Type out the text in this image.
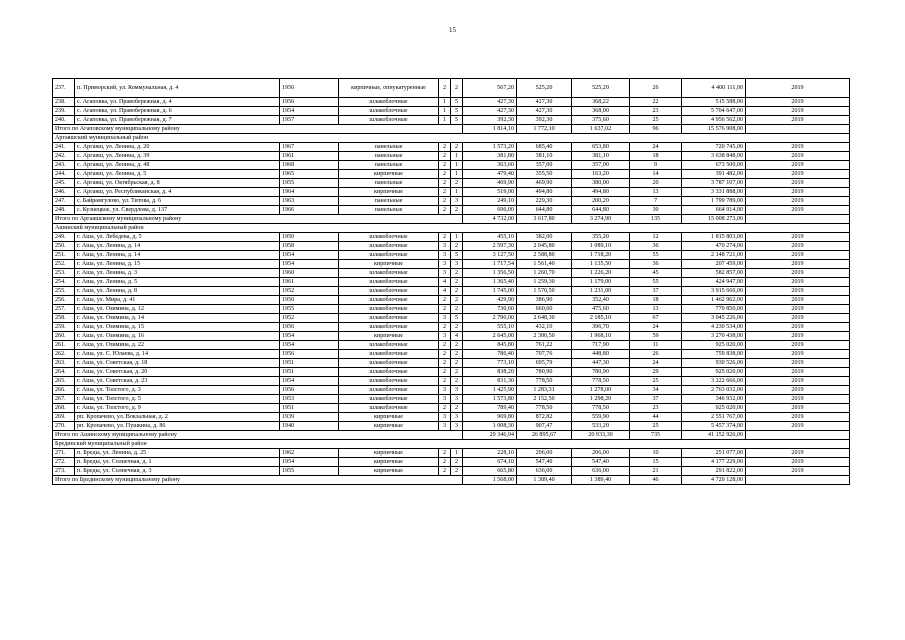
15
237.	п. Приморский, ул. Коммунальная, д. 4	1956	кирпичные, опнукатуренные	2	2	567,20	525,20	525,20	26	4 400 111,00	2019
238.	с. Агаповка, ул. Правобережная, д. 4	1956	шлакоблочные	1	5	427,30	427,30	368,22	22	515 588,00	2019
239.	с. Агаповка, ул. Правобережная, д. 6	1954	шлакоблочные	1	5	427,30	427,30	368,00	23	5 704 647,00	2019
240.	с. Агаповка, ул. Правобережная, д. 7	1957	шлакоблочные	1	5	392,30	392,30	375,60	25	4 956 562,00	2019
Итого по Агаповскому муниципальному району						1 814,10	1 772,10	1 637,02	96	15 576 908,00	
Аргаяшский муниципальный район											
241.	с. Аргаяш, ул. Ленина, д. 20	1967	панельные	2	2	1 573,20	685,40	653,80	24	720 745,00	2019
242.	с. Аргаяш, ул. Ленина, д. 39	1961	панельные	2	1	381,80	381,10	381,10	18	3 638 848,00	2019
243.	с. Аргаяш, ул. Ленина, д. 48	1968	панельные	2	1	363,60	357,00	357,00	9	673 500,00	2019
244.	с. Аргаяш, ул. Ленина, д. 5	1965	кирпичные	2	1	479,40	355,50	163,20	14	391 482,00	2019
245.	с. Аргаяш, ул. Октябрьская, д. 8	1955	панельные	2	2	469,90	469,90	380,00	20	3 787 107,00	2019
246.	с. Аргаяш, ул. Республиканская, д. 4	1964	кирпичные	2	1	519,00	494,80	494,80	13	3 331 888,00	2019
247.	с. Байрамгулово, ул. Титова, д. 6	1963	панельные	2	3	249,10	229,30	200,20	7	1 799 789,00	2019
248.	с. Кузнецкое, ул. Свердлова, д. 137	1966	панельные	2	2	696,00	644,80	644,80	30	664 914,00	2019
Итого по Аргаяшскому муниципальному району						4 732,00	3 617,80	3 274,90	135	15 008 273,00	
Ашинский муниципальный район											
249.	г. Аша, ул. Лебедева, д. 5	1950	шлакоблочные	2	1	455,10	382,00	355,20	12	1 815 803,00	2019
250.	г. Аша, ул. Ленина, д. 14	1958	шлакоблочные	3	2	2 597,30	2 045,80	1 089,10	36	470 274,00	2019
251.	г. Аша, ул. Ленина, д. 14	1954	шлакоблочные	3	5	3 127,50	2 588,80	1 718,20	55	2 148 721,00	2019
252.	г. Аша, ул. Ленина, д. 15	1954	кирпичные	3	3	1 717,54	1 561,40	1 135,50	36	207 459,00	2019
253.	г. Аша, ул. Ленина, д. 3	1960	шлакоблочные	3	2	1 356,50	1 260,70	1 226,20	45	582 857,00	2019
254.	г. Аша, ул. Ленина, д. 5	1961	шлакоблочные	4	2	1 365,40	1 259,30	1 179,00	55	424 947,00	2019
255.	г. Аша, ул. Ленина, д. 8	1952	шлакоблочные	4	2	1 745,00	1 570,50	1 231,00	37	3 915 660,00	2019
256.	г. Аша, ул. Мира, д. 41	1950	шлакоблочные	2	2	429,90	386,90	352,40	18	1 462 962,00	2019
257.	г. Аша, ул. Озимина, д. 12	1955	шлакоблочные	2	2	730,60	660,60	475,60	13	770 850,00	2019
258.	г. Аша, ул. Озимина, д. 14	1952	шлакоблочные	3	5	2 790,00	2 648,30	2 185,10	67	3 045 226,00	2019
259.	г. Аша, ул. Озимина, д. 15	1956	шлакоблочные	2	2	555,10	432,10	396,70	24	4 230 534,00	2019
260.	г. Аша, ул. Озимина, д. 16	1954	кирпичные	3	4	2 645,00	2 380,50	1 968,10	59	3 270 438,00	2019
261.	г. Аша, ул. Озимина, д. 22	1954	шлакоблочные	2	2	845,80	761,22	717,90	11	925 020,00	2019
262.	г. Аша, ул. С. Юлаева, д. 14	1956	шлакоблочные	2	2	786,40	707,76	448,80	26	759 838,00	2019
263.	г. Аша, ул. Советская, д. 18	1951	шлакоблочные	2	2	773,10	695,79	447,30	24	930 526,00	2019
264.	г. Аша, ул. Советская, д. 20	1951	шлакоблочные	2	2	838,20	780,90	780,90	29	925 020,00	2019
265.	г. Аша, ул. Советская, д. 23	1954	шлакоблочные	2	2	831,30	778,50	778,50	25	3 222 666,00	2019
266.	г. Аша, ул. Толстого, д. 3	1956	шлакоблочные	3	3	1 425,90	1 283,31	1 278,00	34	2 763 032,00	2019
267.	г. Аша, ул. Толстого, д. 5	1953	шлакоблочные	3	3	1 573,80	2 152,50	1 298,20	37	346 932,00	2019
268.	г. Аша, ул. Толстого, д. 9	1951	шлакоблочные	2	2	789,40	778,50	778,50	23	925 020,00	2019
269.	рп. Кропачево, ул. Вокзальная, д. 2	1939	кирпичные	3	3	969,80	872,82	559,90	44	2 551 767,00	2019
270.	рп. Кропачево, ул. Пушкина, д. 86	1940	кирпичные	3	3	1 008,30	907,47	533,20	25	5 457 374,00	2019
Итого по Ашинскому муниципальному району						29 346,94	26 895,67	20 933,30	735	41 152 926,00	
Брединский муниципальный район											
271.	п. Бреды, ул. Ленина, д. 25	1962	кирпичные	2	1	228,10	206,00	206,00	10	251 077,00	2019
272.	п. Бреды, ул. Солнечная, д. 1	1954	кирпичные	2	2	674,10	547,40	547,40	15	4 177 229,00	2019
273.	п. Бреды, ул. Солнечная, д. 3	1955	кирпичные	2	2	665,80	636,00	636,00	21	291 822,00	2019
Итого по Брединскому муниципальному району						1 568,00	1 389,40	1 389,40	46	4 720 128,00	
